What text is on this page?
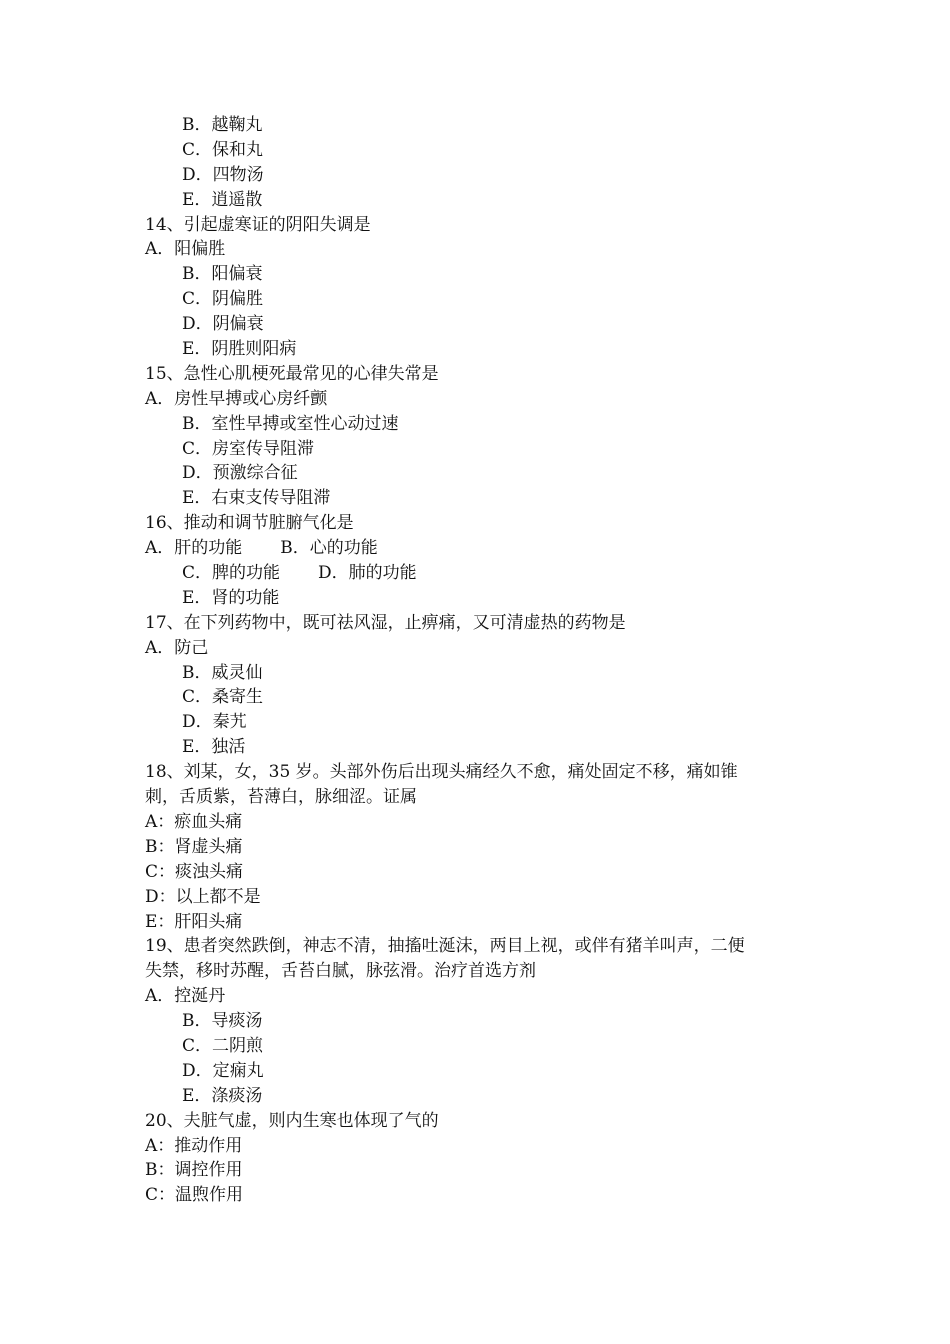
B．越鞠丸
C．保和丸
D．四物汤
E．逍遥散
14、引起虚寒证的阴阳失调是
A．阳偏胜
B．阳偏衰
C．阴偏胜
D．阴偏衰
E．阴胜则阳病
15、急性心肌梗死最常见的心律失常是
A．房性早搏或心房纤颤
B．室性早搏或室性心动过速
C．房室传导阻滞
D．预激综合征
E．右束支传导阻滞
16、推动和调节脏腑气化是
A．肝的功能 B．心的功能
C．脾的功能 D．肺的功能
E．肾的功能
17、在下列药物中，既可祛风湿，止痹痛，又可清虚热的药物是
A．防己
B．威灵仙
C．桑寄生
D．秦艽
E．独活
18、刘某，女，35 岁。头部外伤后出现头痛经久不愈，痛处固定不移，痛如锥
刺，舌质紫，苔薄白，脉细涩。证属
A：瘀血头痛
B：肾虚头痛
C：痰浊头痛
D：以上都不是
E：肝阳头痛
19、患者突然跌倒，神志不清，抽搐吐涎沫，两目上视，或伴有猪羊叫声，二便
失禁，移时苏醒，舌苔白腻，脉弦滑。治疗首选方剂
A．控涎丹
B．导痰汤
C．二阴煎
D．定痫丸
E．涤痰汤
20、夫脏气虚，则内生寒也体现了气的
A：推动作用
B：调控作用
C：温煦作用
